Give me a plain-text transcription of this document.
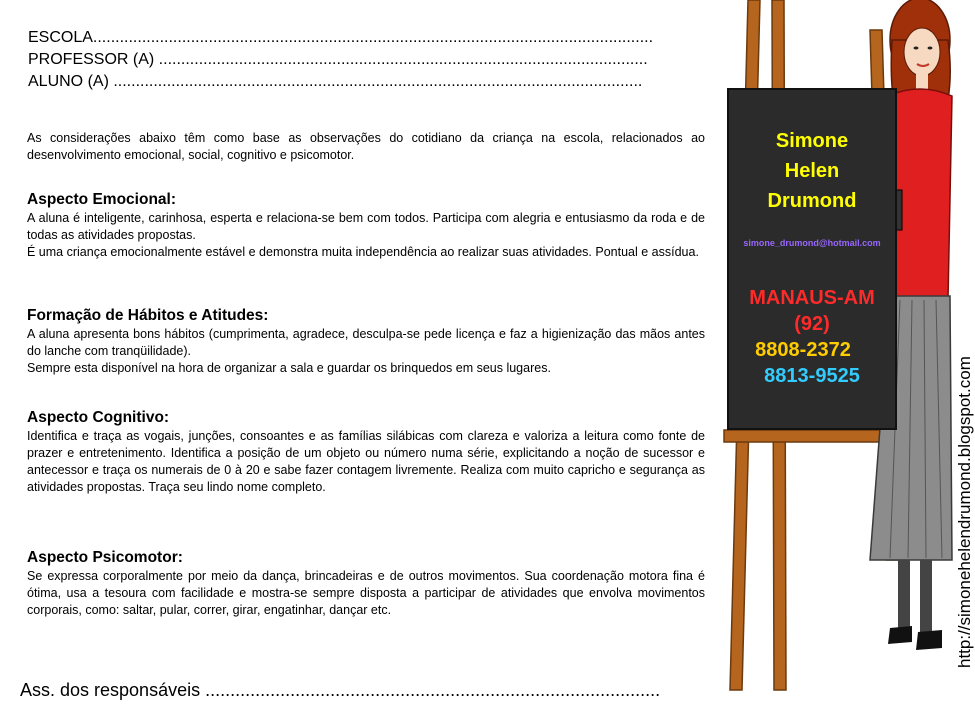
ESCOLA..............................................................................................................................
PROFESSOR (A) ..............................................................................................................
ALUNO (A) .......................................................................................................................

As considerações abaixo têm como base as observações do cotidiano da criança na escola, relacionados ao desenvolvimento emocional, social, cognitivo e psicomotor.

Aspecto Emocional:

A aluna é inteligente, carinhosa, esperta e relaciona-se bem com todos. Participa com alegria e entusiasmo da roda e de todas as atividades propostas.

É uma criança emocionalmente estável e demonstra muita independência ao realizar suas atividades. Pontual e assídua.

Formação de Hábitos e Atitudes:

A aluna apresenta bons hábitos (cumprimenta, agradece, desculpa-se pede licença e faz a higienização das mãos antes do lanche com tranqüilidade).

Sempre esta disponível na hora de organizar a sala e guardar os brinquedos em seus lugares.

Aspecto Cognitivo:

Identifica e traça as vogais, junções, consoantes e as famílias silábicas com clareza e valoriza a leitura como fonte de prazer e entretenimento. Identifica a posição de um objeto ou número numa série, explicitando a noção de sucessor e antecessor e traça os numerais de 0 à 20 e sabe fazer contagem livremente. Realiza com muito capricho e segurança as atividades propostas. Traça seu lindo nome completo.

Aspecto Psicomotor:

Se expressa corporalmente por meio da dança, brincadeiras e de outros movimentos. Sua coordenação motora fina é ótima, usa a tesoura com facilidade e mostra-se sempre disposta a participar de atividades que envolva movimentos corporais, como: saltar, pular, correr, girar, engatinhar, dançar etc.

Ass. dos responsáveis ...........................................................................................
Simone
Helen
Drumond
simone_drumond@hotmail.com
MANAUS-AM
(92)
8808-2372
8813-9525	http://simonehelendrumond.blogspot.com
